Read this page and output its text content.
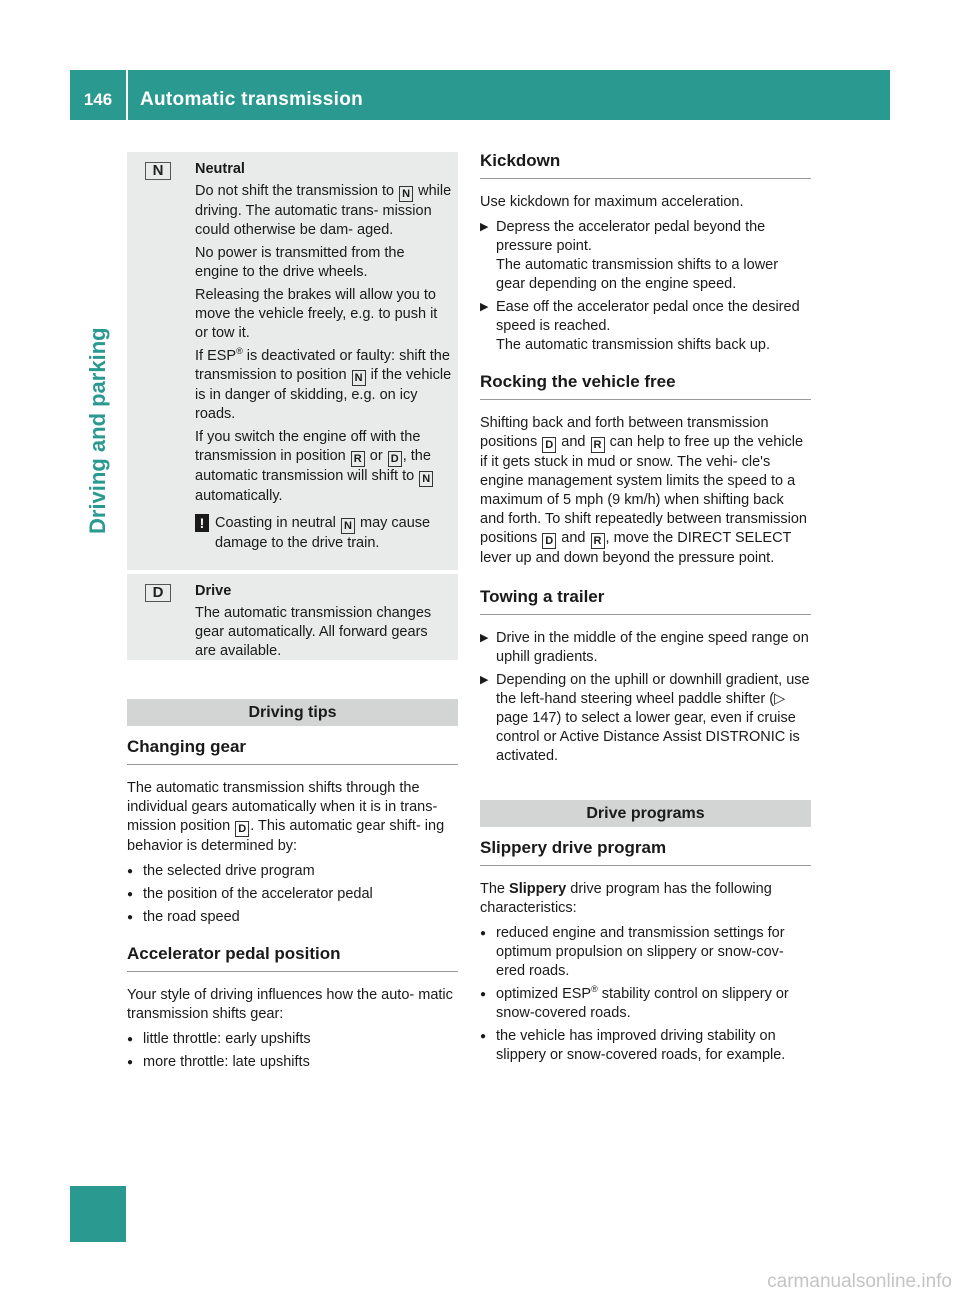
146	Automatic transmission
Driving and parking
N	Neutral

Do not shift the transmission to N while driving. The automatic trans- mission could otherwise be dam- aged.

No power is transmitted from the engine to the drive wheels.

Releasing the brakes will allow you to move the vehicle freely, e.g. to push it or tow it.

If ESP® is deactivated or faulty: shift the transmission to position N if the vehicle is in danger of skidding, e.g. on icy roads.

If you switch the engine off with the transmission in position R or D , the automatic transmission will shift to N automatically.

! Coasting in neutral N may cause damage to the drive train.
D	Drive

The automatic transmission changes gear automatically. All forward gears are available.

Driving tips
Changing gear
The automatic transmission shifts through the individual gears automatically when it is in trans- mission position D . This automatic gear shift- ing behavior is determined by:
● the selected drive program
● the position of the accelerator pedal
● the road speed
Accelerator pedal position
Your style of driving influences how the auto- matic transmission shifts gear:
● little throttle: early upshifts
● more throttle: late upshifts
Kickdown
Use kickdown for maximum acceleration.
▶ Depress the accelerator pedal beyond the pressure point.
The automatic transmission shifts to a lower gear depending on the engine speed.
▶ Ease off the accelerator pedal once the desired speed is reached.
The automatic transmission shifts back up.
Rocking the vehicle free
Shifting back and forth between transmission positions D and R can help to free up the vehicle if it gets stuck in mud or snow. The vehi- cle's engine management system limits the speed to a maximum of 5 mph (9 km/h) when shifting back and forth. To shift repeatedly between transmission positions D and R , move the DIRECT SELECT lever up and down beyond the pressure point.
Towing a trailer
▶ Drive in the middle of the engine speed range on uphill gradients.
▶ Depending on the uphill or downhill gradient, use the left-hand steering wheel paddle shifter (▷ page 147) to select a lower gear, even if cruise control or Active Distance Assist DISTRONIC is activated.
Drive programs
Slippery drive program
The Slippery drive program has the following characteristics:
● reduced engine and transmission settings for optimum propulsion on slippery or snow-cov- ered roads.
● optimized ESP® stability control on slippery or snow-covered roads.
● the vehicle has improved driving stability on slippery or snow-covered roads, for example.
carmanualsonline.info
